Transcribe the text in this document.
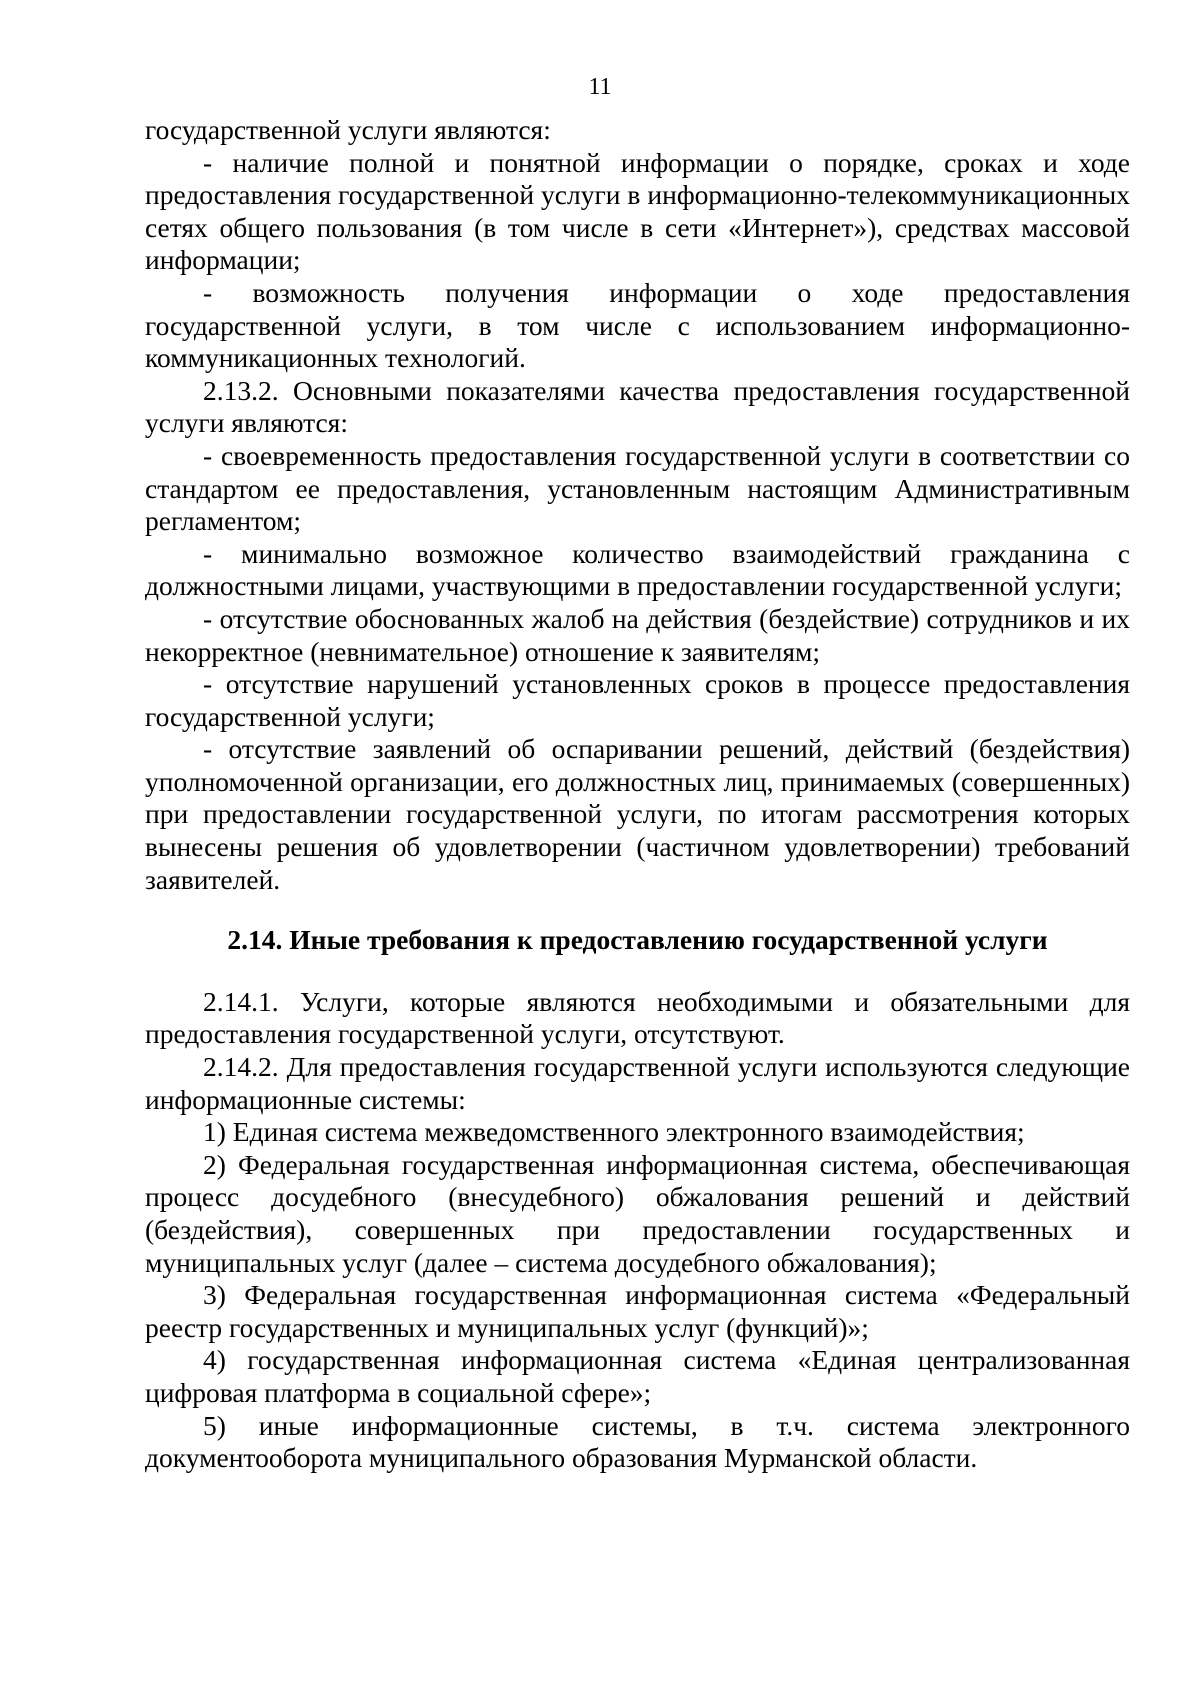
11

государственной услуги являются:

- наличие полной и понятной информации о порядке, сроках и ходе предоставления государственной услуги в информационно-телекоммуникационных сетях общего пользования (в том числе в сети «Интернет»), средствах массовой информации;

- возможность получения информации о ходе предоставления государственной услуги, в том числе с использованием информационно-коммуникационных технологий.

2.13.2. Основными показателями качества предоставления государственной услуги являются:

- своевременность предоставления государственной услуги в соответствии со стандартом ее предоставления, установленным настоящим Административным регламентом;

- минимально возможное количество взаимодействий гражданина с должностными лицами, участвующими в предоставлении государственной услуги;

- отсутствие обоснованных жалоб на действия (бездействие) сотрудников и их некорректное (невнимательное) отношение к заявителям;

- отсутствие нарушений установленных сроков в процессе предоставления государственной услуги;

- отсутствие заявлений об оспаривании решений, действий (бездействия) уполномоченной организации, его должностных лиц, принимаемых (совершенных) при предоставлении государственной услуги, по итогам рассмотрения которых вынесены решения об удовлетворении (частичном удовлетворении) требований заявителей.

2.14. Иные требования к предоставлению государственной услуги

2.14.1. Услуги, которые являются необходимыми и обязательными для предоставления государственной услуги, отсутствуют.

2.14.2. Для предоставления государственной услуги используются следующие информационные системы:

1) Единая система межведомственного электронного взаимодействия;

2) Федеральная государственная информационная система, обеспечивающая процесс досудебного (внесудебного) обжалования решений и действий (бездействия), совершенных при предоставлении государственных и муниципальных услуг (далее – система досудебного обжалования);

3) Федеральная государственная информационная система «Федеральный реестр государственных и муниципальных услуг (функций)»;

4) государственная информационная система «Единая централизованная цифровая платформа в социальной сфере»;

5) иные информационные системы, в т.ч. система электронного документооборота муниципального образования Мурманской области.
